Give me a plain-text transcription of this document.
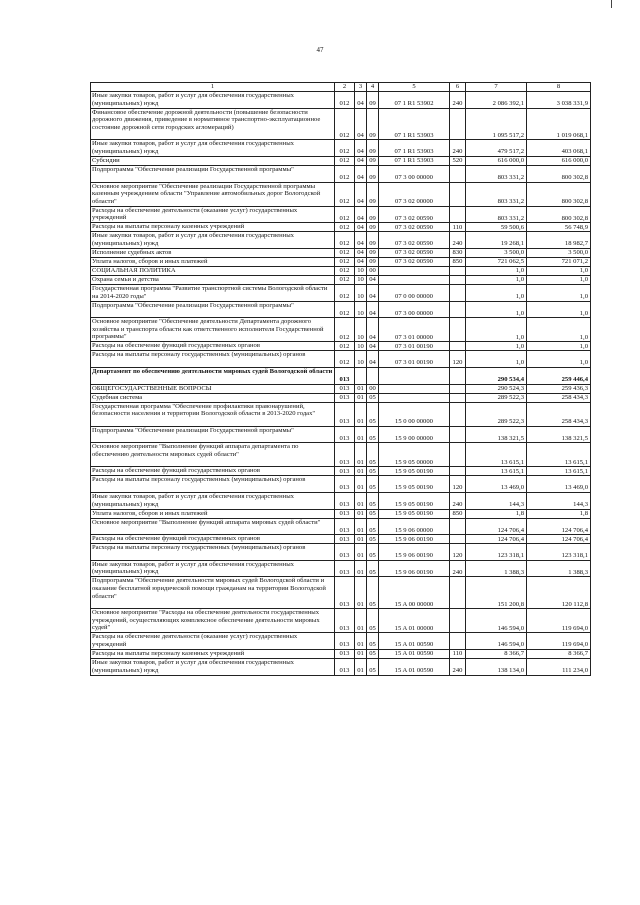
47
1	2	3	4	5	6	7	8
Иные закупки товаров, работ и услуг для обеспечения государственных (муниципальных) нужд	012	04	09	07 1 R1 53902	240	2 086 392,1	3 038 331,9
Финансовое обеспечение дорожной деятельности (повышение безопасности дорожного движения, приведение в нормативное транспортно-эксплуатационное состояние дорожной сети городских агломераций)	012	04	09	07 1 R1 53903		1 095 517,2	1 019 068,1
Иные закупки товаров, работ и услуг для обеспечения государственных (муниципальных) нужд	012	04	09	07 1 R1 53903	240	479 517,2	403 068,1
Субсидии	012	04	09	07 1 R1 53903	520	616 000,0	616 000,0
Подпрограмма "Обеспечение реализации Государственной программы"	012	04	09	07 3 00 00000		803 331,2	800 302,8
Основное мероприятие "Обеспечение реализации Государственной программы казенным учреждением области "Управление автомобильных дорог Вологодской области"	012	04	09	07 3 02 00000		803 331,2	800 302,8
Расходы на обеспечение деятельности (оказание услуг) государственных учреждений	012	04	09	07 3 02 00590		803 331,2	800 302,8
Расходы на выплаты персоналу казенных учреждений	012	04	09	07 3 02 00590	110	59 500,6	56 748,9
Иные закупки товаров, работ и услуг для обеспечения государственных (муниципальных) нужд	012	04	09	07 3 02 00590	240	19 268,1	18 982,7
Исполнение судебных актов	012	04	09	07 3 02 00590	830	3 500,0	3 500,0
Уплата налогов, сборов и иных платежей	012	04	09	07 3 02 00590	850	721 062,5	721 071,2
СОЦИАЛЬНАЯ ПОЛИТИКА	012	10	00			1,0	1,0
Охрана семьи и детства	012	10	04			1,0	1,0
Государственная программа "Развитие транспортной системы Вологодской области на 2014-2020 годы"	012	10	04	07 0 00 00000		1,0	1,0
Подпрограмма "Обеспечение реализации Государственной программы"	012	10	04	07 3 00 00000		1,0	1,0
Основное мероприятие "Обеспечение деятельности Департамента дорожного хозяйства и транспорта области как ответственного исполнителя Государственной программы"	012	10	04	07 3 01 00000		1,0	1,0
Расходы на обеспечение функций государственных органов	012	10	04	07 3 01 00190		1,0	1,0
Расходы на выплаты персоналу государственных (муниципальных) органов	012	10	04	07 3 01 00190	120	1,0	1,0
Департамент по обеспечению деятельности мировых судей Вологодской области	013					290 534,4	259 446,4
ОБЩЕГОСУДАРСТВЕННЫЕ ВОПРОСЫ	013	01	00			290 524,3	259 436,3
Судебная система	013	01	05			289 522,3	258 434,3
Государственная программа "Обеспечение профилактики правонарушений, безопасности населения и территории Вологодской области в 2013-2020 годах"	013	01	05	15 0 00 00000		289 522,3	258 434,3
Подпрограмма "Обеспечение реализации Государственной программы"	013	01	05	15 9 00 00000		138 321,5	138 321,5
Основное мероприятие "Выполнение функций аппарата департамента по обеспечению деятельности мировых судей области"	013	01	05	15 9 05 00000		13 615,1	13 615,1
Расходы на обеспечение функций государственных органов	013	01	05	15 9 05 00190		13 615,1	13 615,1
Расходы на выплаты персоналу государственных (муниципальных) органов	013	01	05	15 9 05 00190	120	13 469,0	13 469,0
Иные закупки товаров, работ и услуг для обеспечения государственных (муниципальных) нужд	013	01	05	15 9 05 00190	240	144,3	144,3
Уплата налогов, сборов и иных платежей	013	01	05	15 9 05 00190	850	1,8	1,8
Основное мероприятие "Выполнение функций аппарата мировых судей области"	013	01	05	15 9 06 00000		124 706,4	124 706,4
Расходы на обеспечение функций государственных органов	013	01	05	15 9 06 00190		124 706,4	124 706,4
Расходы на выплаты персоналу государственных (муниципальных) органов	013	01	05	15 9 06 00190	120	123 318,1	123 318,1
Иные закупки товаров, работ и услуг для обеспечения государственных (муниципальных) нужд	013	01	05	15 9 06 00190	240	1 388,3	1 388,3
Подпрограмма "Обеспечение деятельности мировых судей Вологодской области и оказание бесплатной юридической помощи гражданам на территории Вологодской области"	013	01	05	15 A 00 00000		151 200,8	120 112,8
Основное мероприятие "Расходы на обеспечение деятельности государственных учреждений, осуществляющих комплексное обеспечение деятельности мировых судей"	013	01	05	15 A 01 00000		146 594,0	119 694,0
Расходы на обеспечение деятельности (оказание услуг) государственных учреждений	013	01	05	15 A 01 00590		146 594,0	119 694,0
Расходы на выплаты персоналу казенных учреждений	013	01	05	15 A 01 00590	110	8 366,7	8 366,7
Иные закупки товаров, работ и услуг для обеспечения государственных (муниципальных) нужд	013	01	05	15 A 01 00590	240	138 134,0	111 234,0
